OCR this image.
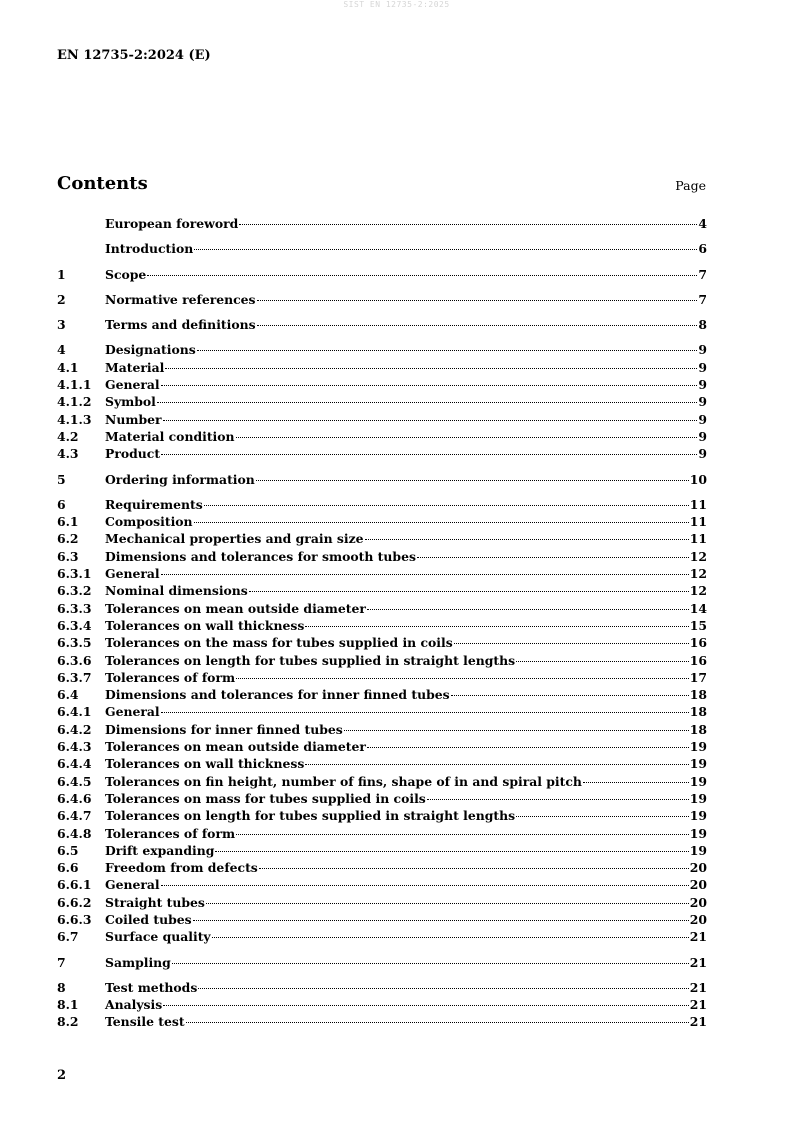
SIST EN 12735-2:2025
EN 12735-2:2024 (E)
Contents	Page
European foreword	4
Introduction	6
1	Scope	7
2	Normative references	7
3	Terms and definitions	8
4	Designations	9
4.1	Material	9
4.1.1	General	9
4.1.2	Symbol	9
4.1.3	Number	9
4.2	Material condition	9
4.3	Product	9
5	Ordering information	10
6	Requirements	11
6.1	Composition	11
6.2	Mechanical properties and grain size	11
6.3	Dimensions and tolerances for smooth tubes	12
6.3.1	General	12
6.3.2	Nominal dimensions	12
6.3.3	Tolerances on mean outside diameter	14
6.3.4	Tolerances on wall thickness	15
6.3.5	Tolerances on the mass for tubes supplied in coils	16
6.3.6	Tolerances on length for tubes supplied in straight lengths	16
6.3.7	Tolerances of form	17
6.4	Dimensions and tolerances for inner finned tubes	18
6.4.1	General	18
6.4.2	Dimensions for inner finned tubes	18
6.4.3	Tolerances on mean outside diameter	19
6.4.4	Tolerances on wall thickness	19
6.4.5	Tolerances on fin height, number of fins, shape of in and spiral pitch	19
6.4.6	Tolerances on mass for tubes supplied in coils	19
6.4.7	Tolerances on length for tubes supplied in straight lengths	19
6.4.8	Tolerances of form	19
6.5	Drift expanding	19
6.6	Freedom from defects	20
6.6.1	General	20
6.6.2	Straight tubes	20
6.6.3	Coiled tubes	20
6.7	Surface quality	21
7	Sampling	21
8	Test methods	21
8.1	Analysis	21
8.2	Tensile test	21
2
